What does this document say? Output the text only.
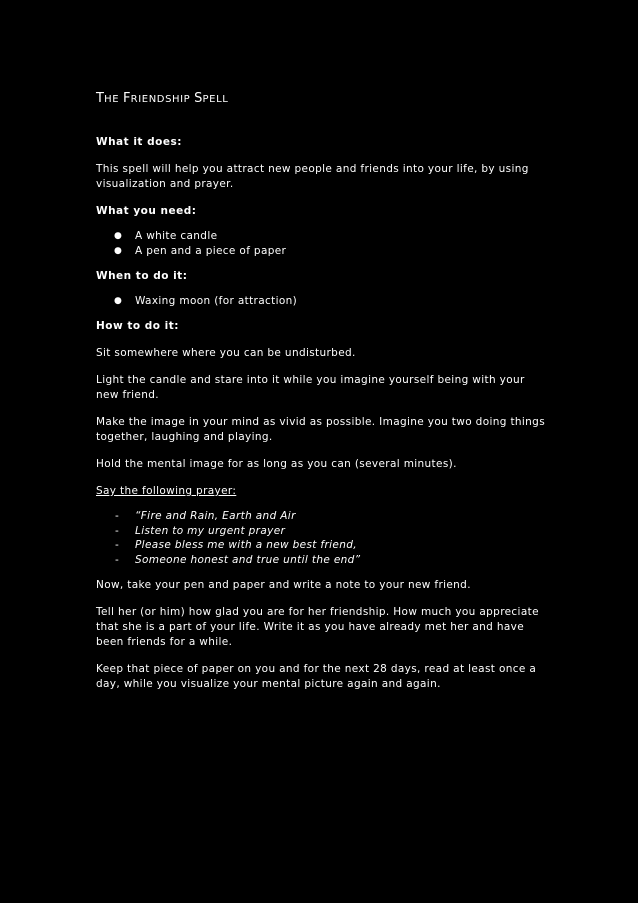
THE FRIENDSHIP SPELL
What it does:

This spell will help you attract new people and friends into your life, by using visualization and prayer.

What you need:
● A white candle
● A pen and a piece of paper
When to do it:
● Waxing moon (for attraction)
How to do it:

Sit somewhere where you can be undisturbed.

Light the candle and stare into it while you imagine yourself being with your new friend.

Make the image in your mind as vivid as possible. Imagine you two doing things together, laughing and playing.

Hold the mental image for as long as you can (several minutes).

Say the following prayer:

- “Fire and Rain, Earth and Air
- Listen to my urgent prayer
- Please bless me with a new best friend,
- Someone honest and true until the end”

Now, take your pen and paper and write a note to your new friend.

Tell her (or him) how glad you are for her friendship. How much you appreciate that she is a part of your life. Write it as you have already met her and have been friends for a while.

Keep that piece of paper on you and for the next 28 days, read at least once a day, while you visualize your mental picture again and again.
